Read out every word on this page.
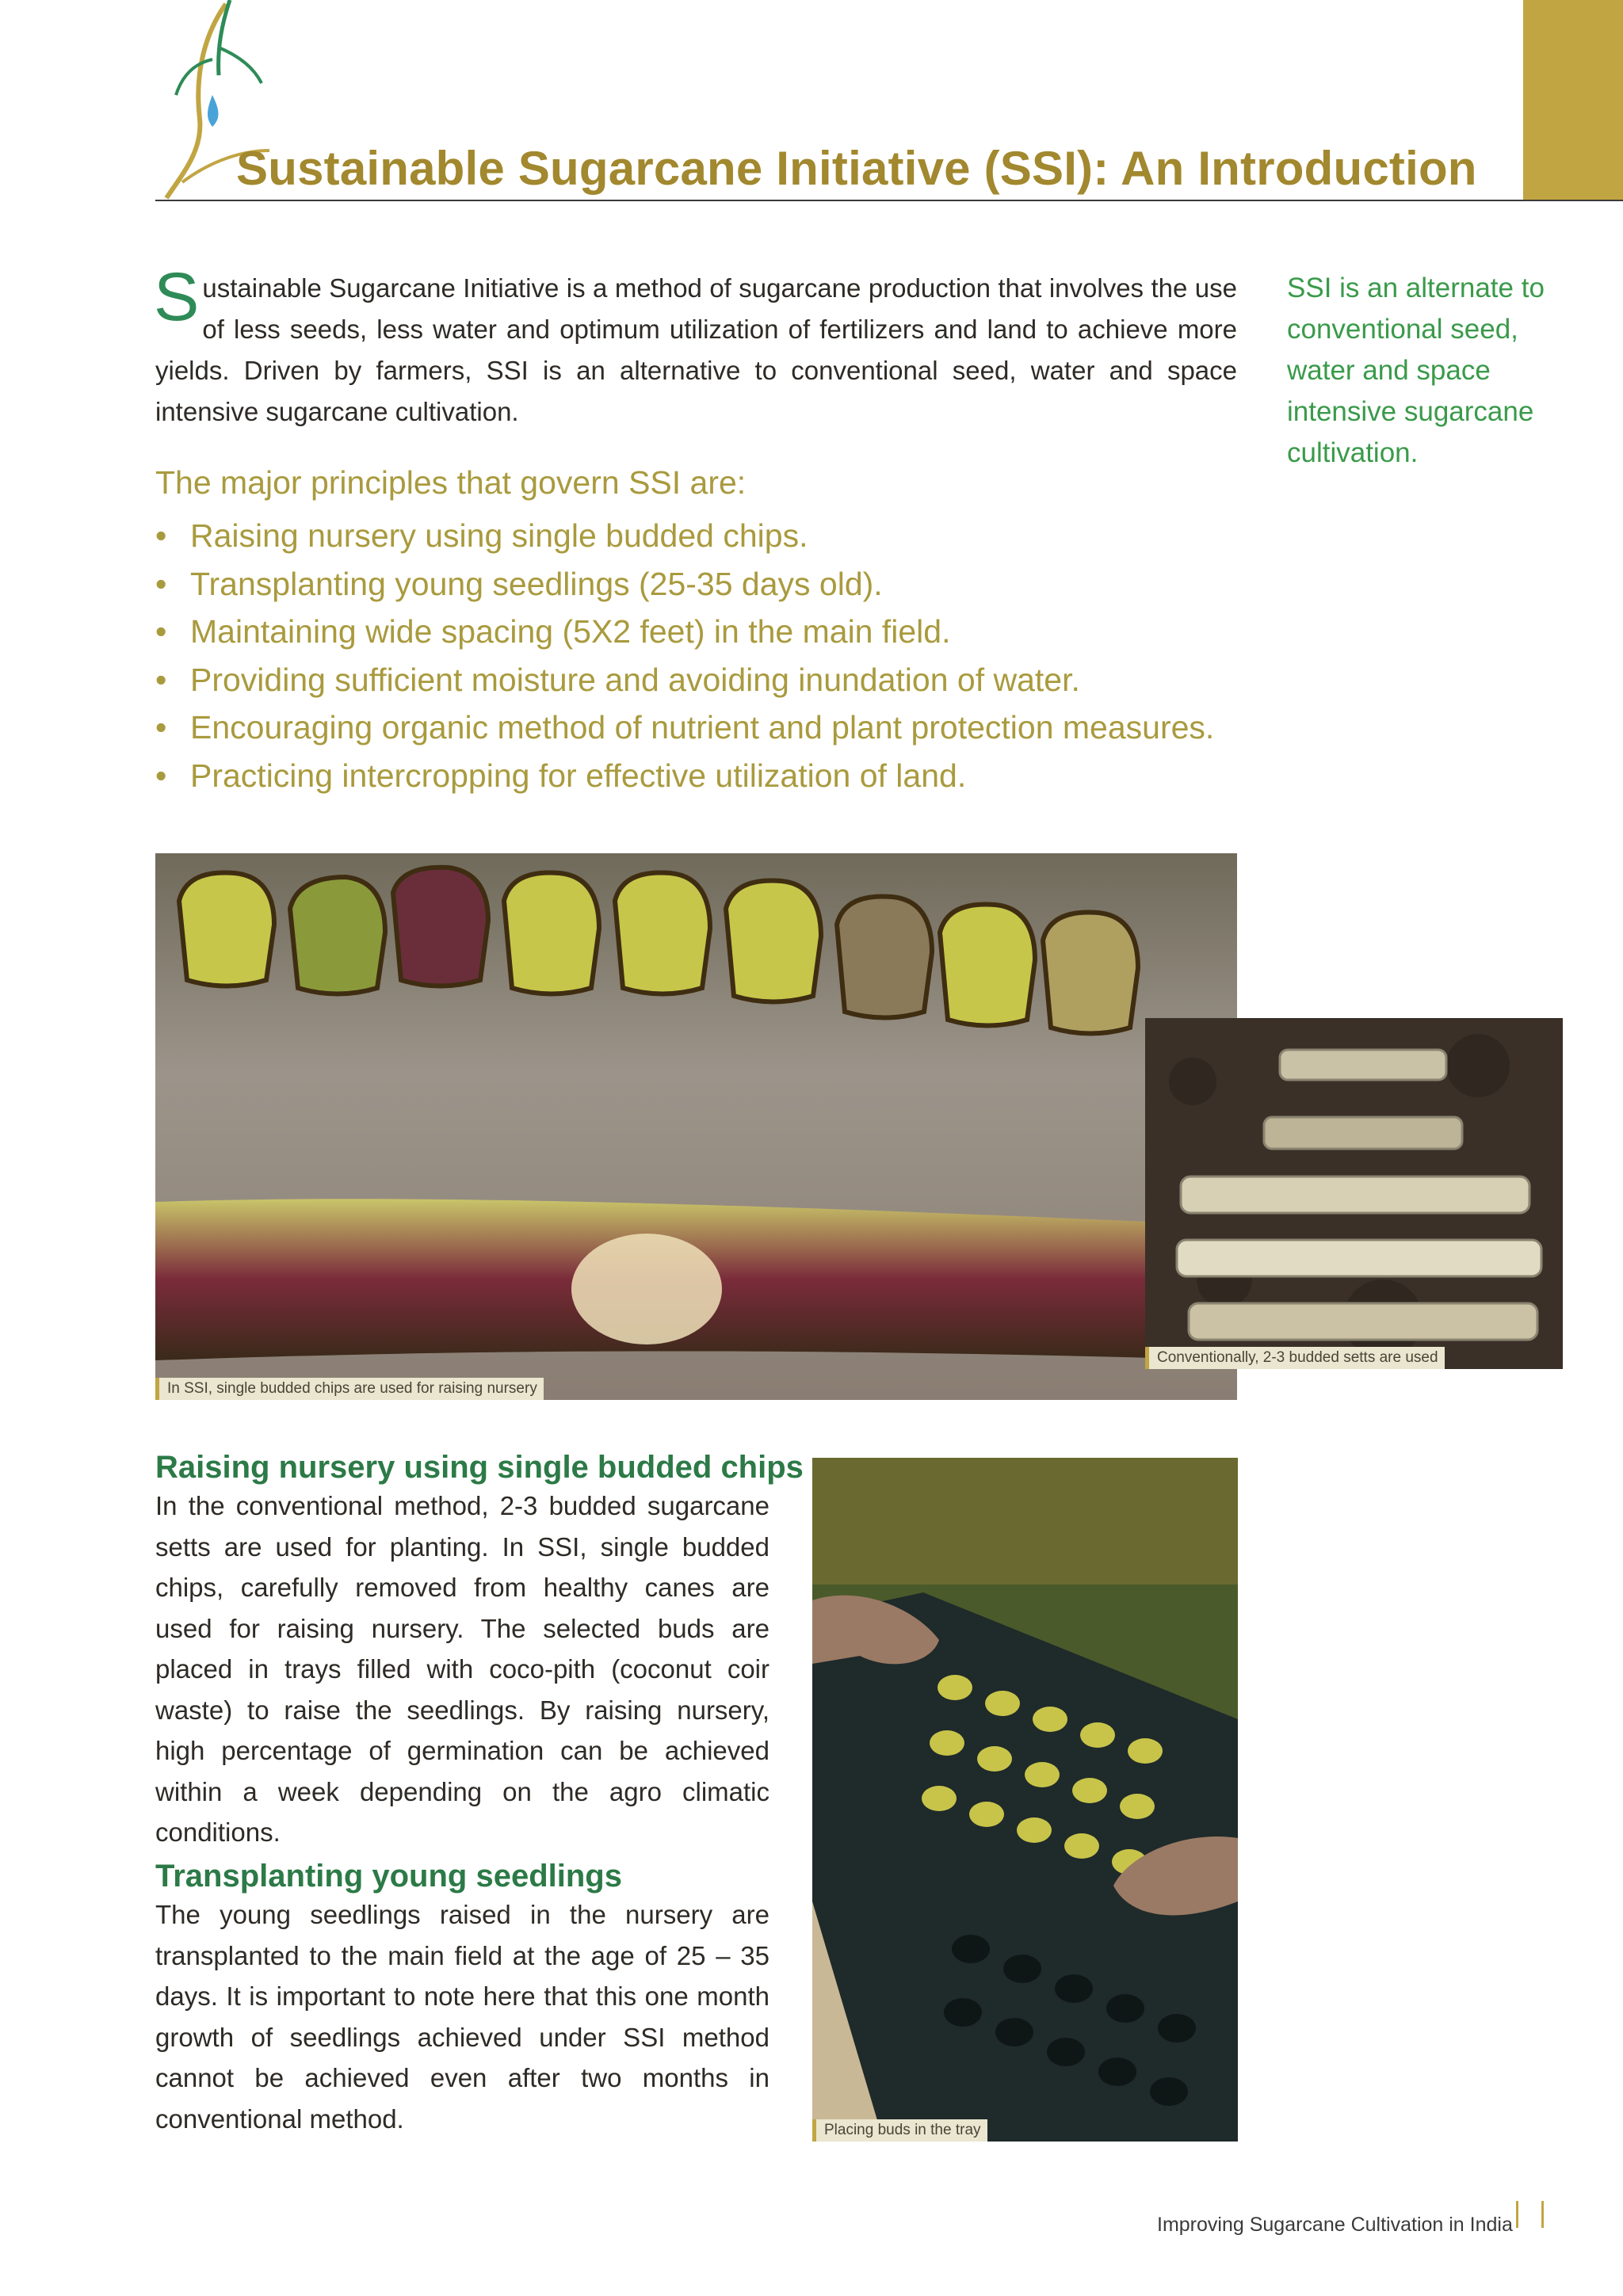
Sustainable Sugarcane Initiative (SSI): An Introduction

Sustainable Sugarcane Initiative is a method of sugarcane production that involves the use of less seeds, less water and optimum utilization of fertilizers and land to achieve more yields. Driven by farmers, SSI is an alternative to conventional seed, water and space intensive sugarcane cultivation.

SSI is an alternate to conventional seed, water and space intensive sugarcane cultivation.

The major principles that govern SSI are:
• Raising nursery using single budded chips.
• Transplanting young seedlings (25-35 days old).
• Maintaining wide spacing (5X2 feet) in the main field.
• Providing sufficient moisture and avoiding inundation of water.
• Encouraging organic method of nutrient and plant protection measures.
• Practicing intercropping for effective utilization of land.
In SSI, single budded chips are used for raising nursery
Conventionally, 2-3 budded setts are used
Raising nursery using single budded chips

In the conventional method, 2-3 budded sugarcane setts are used for planting. In SSI, single budded chips, carefully removed from healthy canes are used for raising nursery. The selected buds are placed in trays filled with coco-pith (coconut coir waste) to raise the seedlings. By raising nursery, high percentage of germination can be achieved within a week depending on the agro climatic conditions.

Transplanting young seedlings

The young seedlings raised in the nursery are transplanted to the main field at the age of 25 – 35 days. It is important to note here that this one month growth of seedlings achieved under SSI method cannot be achieved even after two months in conventional method.	Placing buds in the tray
Improving Sugarcane Cultivation in India
